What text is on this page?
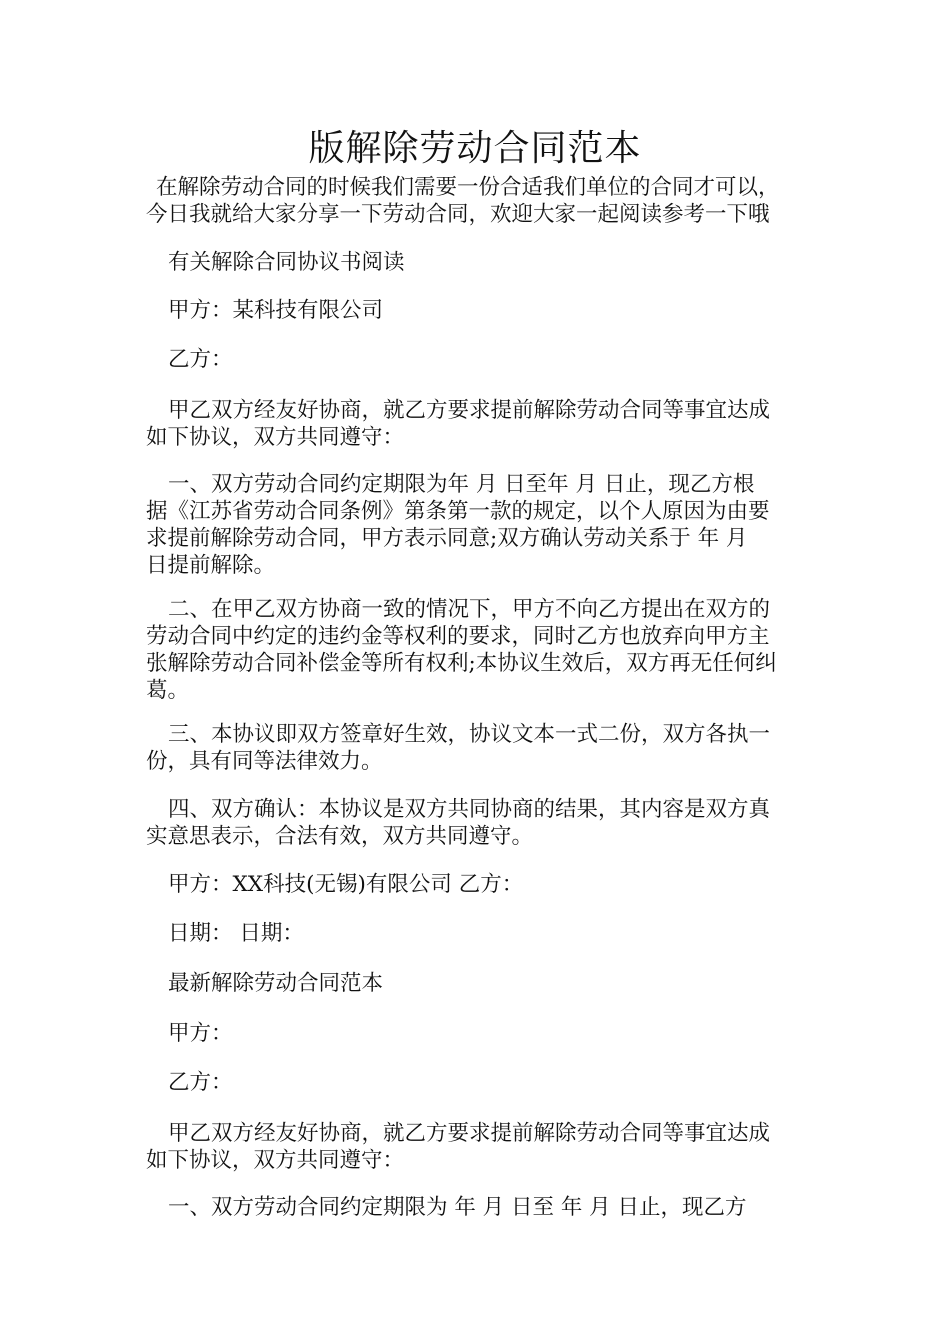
版解除劳动合同范本
在解除劳动合同的时候我们需要一份合适我们单位的合同才可以，
今日我就给大家分享一下劳动合同，欢迎大家一起阅读参考一下哦
有关解除合同协议书阅读
甲方：某科技有限公司
乙方：
甲乙双方经友好协商，就乙方要求提前解除劳动合同等事宜达成
如下协议，双方共同遵守：
一、双方劳动合同约定期限为年 月 日至年 月 日止，现乙方根
据《江苏省劳动合同条例》第条第一款的规定，以个人原因为由要
求提前解除劳动合同，甲方表示同意;双方确认劳动关系于 年 月
日提前解除。
二、在甲乙双方协商一致的情况下，甲方不向乙方提出在双方的
劳动合同中约定的违约金等权利的要求，同时乙方也放弃向甲方主
张解除劳动合同补偿金等所有权利;本协议生效后，双方再无任何纠
葛。
三、本协议即双方签章好生效，协议文本一式二份，双方各执一
份，具有同等法律效力。
四、双方确认：本协议是双方共同协商的结果，其内容是双方真
实意思表示，合法有效，双方共同遵守。
甲方：XX科技(无锡)有限公司 乙方：
日期： 日期：
最新解除劳动合同范本
甲方：
乙方：
甲乙双方经友好协商，就乙方要求提前解除劳动合同等事宜达成
如下协议，双方共同遵守：
一、双方劳动合同约定期限为 年 月 日至 年 月 日止，现乙方
